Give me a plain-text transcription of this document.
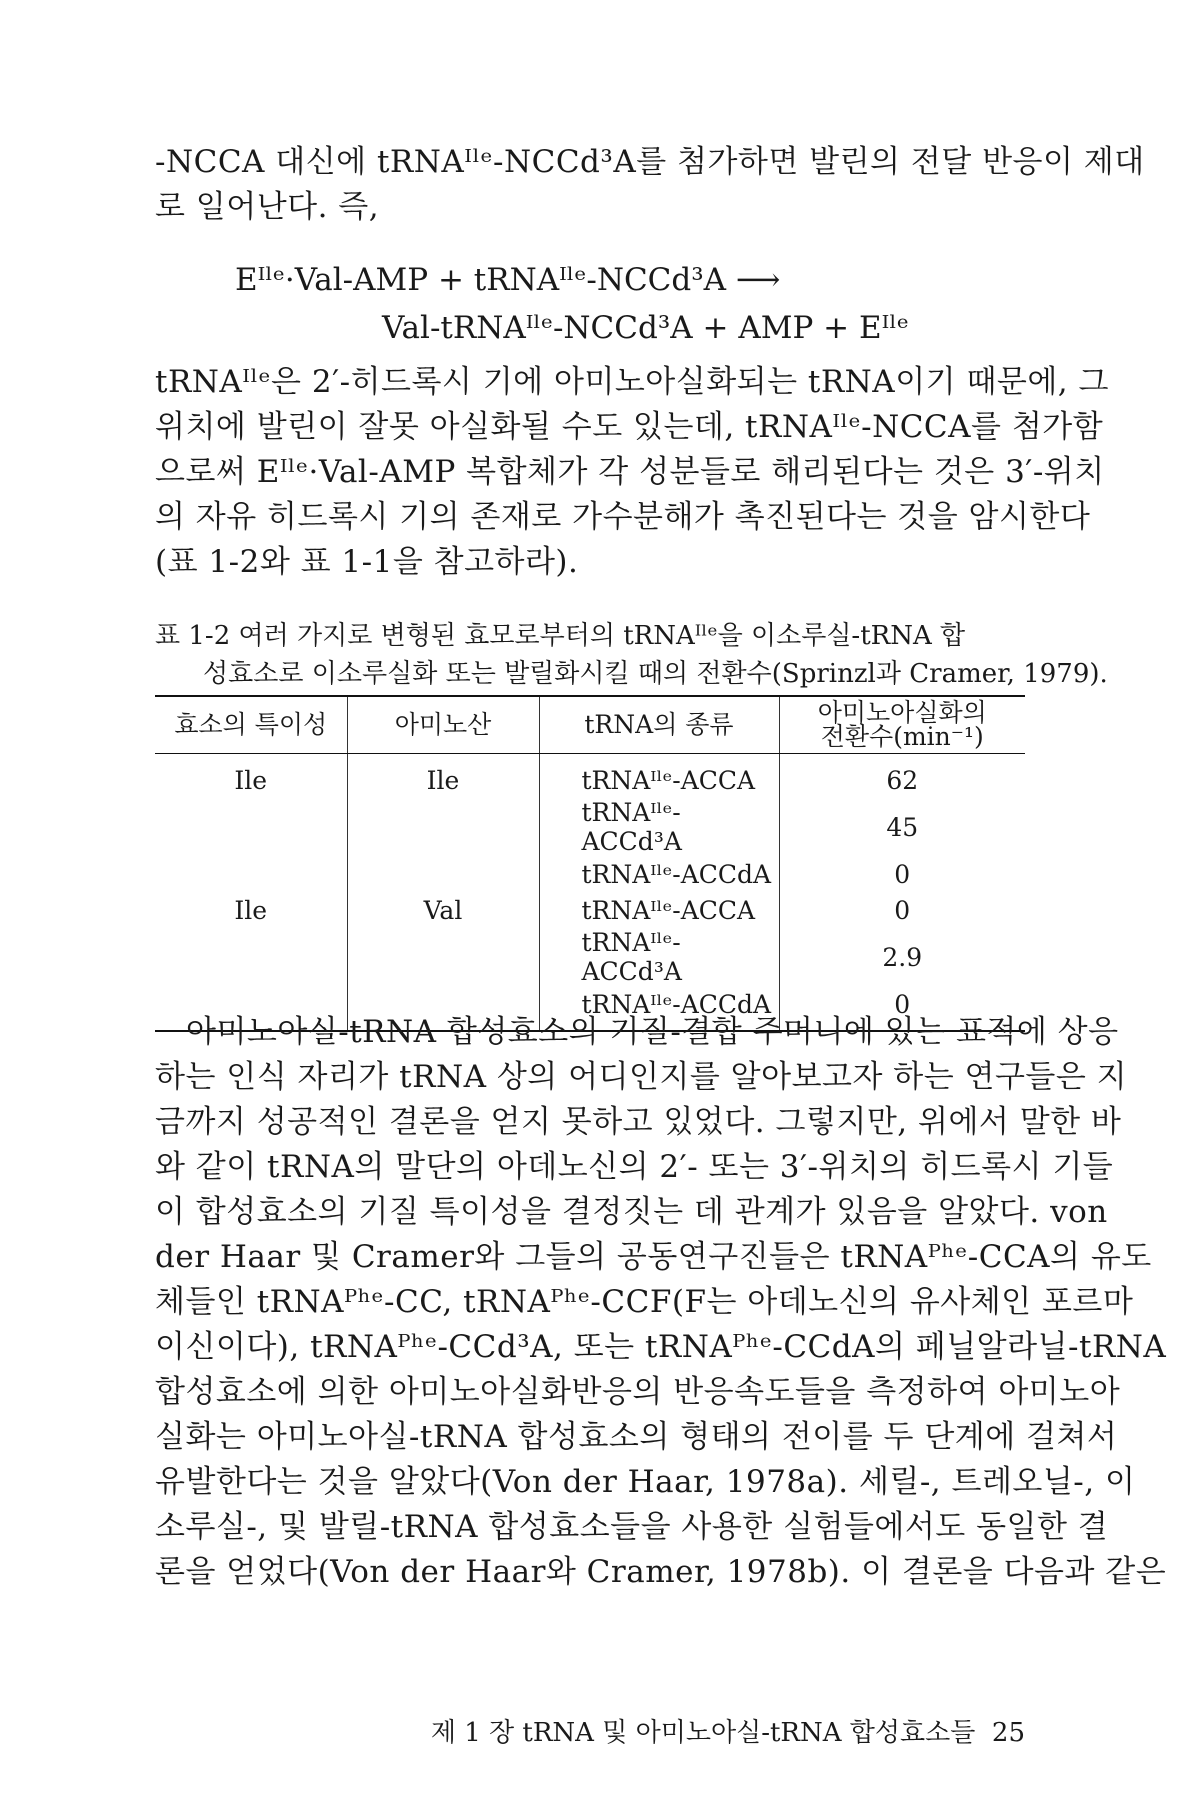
-NCCA 대신에 tRNAᴵˡᵉ-NCCd³A를 첨가하면 발린의 전달 반응이 제대
로 일어난다. 즉,

Eᴵˡᵉ·Val-AMP + tRNAᴵˡᵉ-NCCd³A ⟶

Val-tRNAᴵˡᵉ-NCCd³A + AMP + Eᴵˡᵉ

tRNAᴵˡᵉ은 2′-히드록시 기에 아미노아실화되는 tRNA이기 때문에, 그
위치에 발린이 잘못 아실화될 수도 있는데, tRNAᴵˡᵉ-NCCA를 첨가함
으로써 Eᴵˡᵉ·Val-AMP 복합체가 각 성분들로 해리된다는 것은 3′-위치
의 자유 히드록시 기의 존재로 가수분해가 촉진된다는 것을 암시한다
(표 1-2와 표 1-1을 참고하라).

표 1-2 여러 가지로 변형된 효모로부터의 tRNAᴵˡᵉ을 이소루실-tRNA 합
성효소로 이소루실화 또는 발릴화시킬 때의 전환수(Sprinzl과 Cramer, 1979).

효소의 특이성	아미노산	tRNA의 종류	아미노아실화의
전환수(min⁻¹)
Ile	Ile	tRNAᴵˡᵉ-ACCA	62
		tRNAᴵˡᵉ-ACCd³A	45
		tRNAᴵˡᵉ-ACCdA	0
Ile	Val	tRNAᴵˡᵉ-ACCA	0
		tRNAᴵˡᵉ-ACCd³A	2.9
		tRNAᴵˡᵉ-ACCdA	0

아미노아실-tRNA 합성효소의 기질-결합 주머니에 있는 표적에 상응
하는 인식 자리가 tRNA 상의 어디인지를 알아보고자 하는 연구들은 지
금까지 성공적인 결론을 얻지 못하고 있었다. 그렇지만, 위에서 말한 바
와 같이 tRNA의 말단의 아데노신의 2′- 또는 3′-위치의 히드록시 기들
이 합성효소의 기질 특이성을 결정짓는 데 관계가 있음을 알았다. von
der Haar 및 Cramer와 그들의 공동연구진들은 tRNAᴾʰᵉ-CCA의 유도
체들인 tRNAᴾʰᵉ-CC, tRNAᴾʰᵉ-CCF(F는 아데노신의 유사체인 포르마
이신이다), tRNAᴾʰᵉ-CCd³A, 또는 tRNAᴾʰᵉ-CCdA의 페닐알라닐-tRNA
합성효소에 의한 아미노아실화반응의 반응속도들을 측정하여 아미노아
실화는 아미노아실-tRNA 합성효소의 형태의 전이를 두 단계에 걸쳐서
유발한다는 것을 알았다(Von der Haar, 1978a). 세릴-, 트레오닐-, 이
소루실-, 및 발릴-tRNA 합성효소들을 사용한 실험들에서도 동일한 결
론을 얻었다(Von der Haar와 Cramer, 1978b). 이 결론을 다음과 같은

제 1 장 tRNA 및 아미노아실-tRNA 합성효소들 25
